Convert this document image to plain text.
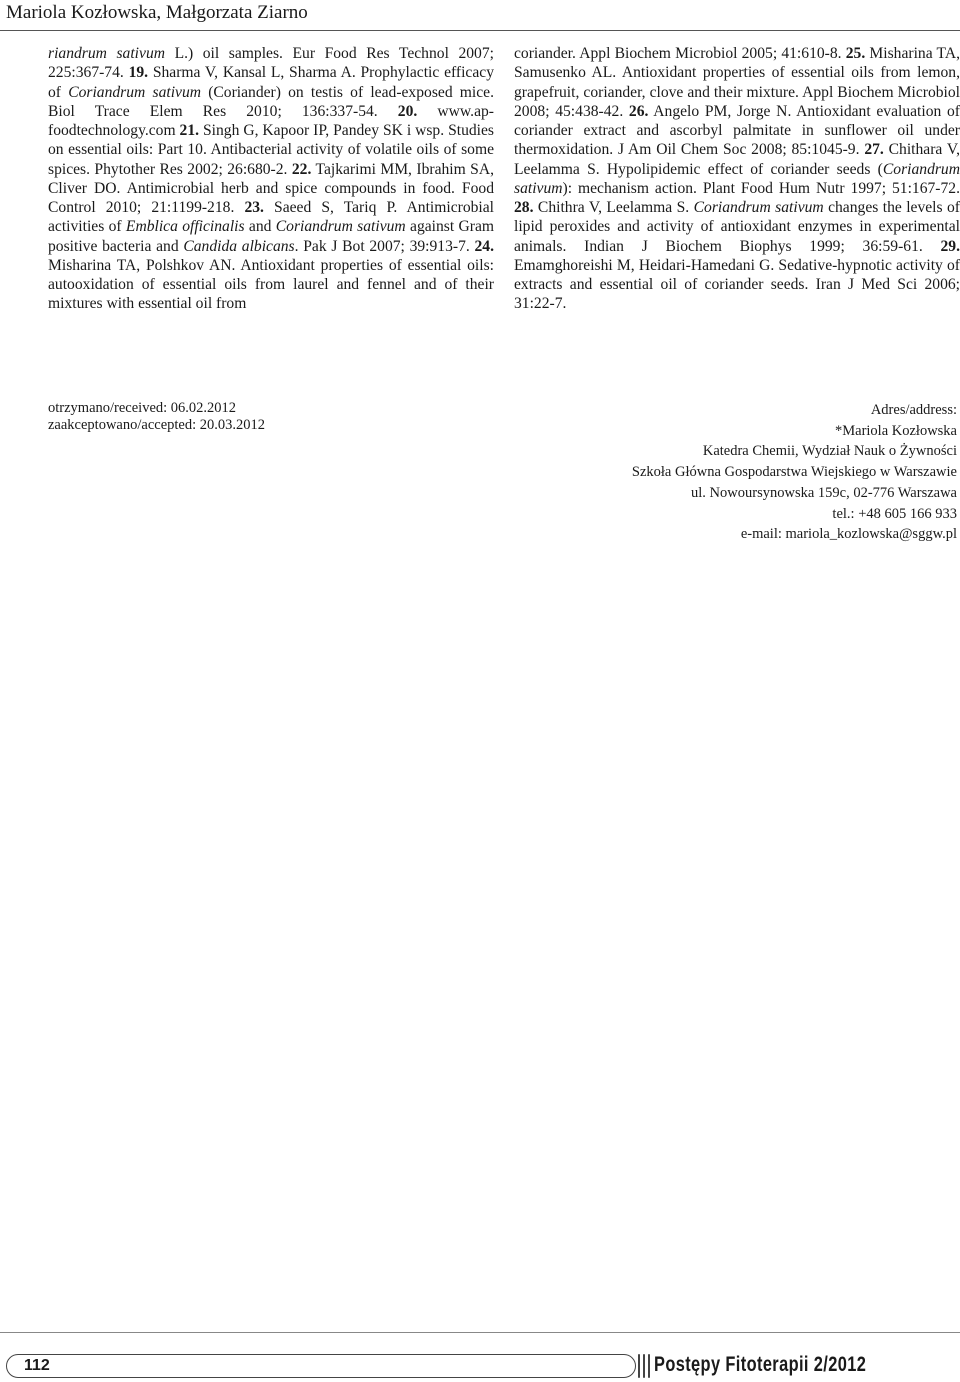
Mariola Kozłowska, Małgorzata Ziarno
riandrum sativum L.) oil samples. Eur Food Res Technol 2007; 225:367-74. 19. Sharma V, Kansal L, Sharma A. Prophylactic efficacy of Coriandrum sativum (Coriander) on testis of lead-exposed mice. Biol Trace Elem Res 2010; 136:337-54. 20. www.ap-foodtechnology.com 21. Singh G, Kapoor IP, Pandey SK i wsp. Studies on essential oils: Part 10. Antibacterial activity of volatile oils of some spices. Phytother Res 2002; 26:680-2. 22. Tajkarimi MM, Ibrahim SA, Cliver DO. Antimicrobial herb and spice compounds in food. Food Control 2010; 21:1199-218. 23. Saeed S, Tariq P. Antimicrobial activities of Emblica officinalis and Coriandrum sativum against Gram positive bacteria and Candida albicans. Pak J Bot 2007; 39:913-7. 24. Misharina TA, Polshkov AN. Antioxidant properties of essential oils: autooxidation of essential oils from laurel and fennel and of their mixtures with essential oil from
coriander. Appl Biochem Microbiol 2005; 41:610-8. 25. Misharina TA, Samusenko AL. Antioxidant properties of essential oils from lemon, grapefruit, coriander, clove and their mixture. Appl Biochem Microbiol 2008; 45:438-42. 26. Angelo PM, Jorge N. Antioxidant evaluation of coriander extract and ascorbyl palmitate in sunflower oil under thermoxidation. J Am Oil Chem Soc 2008; 85:1045-9. 27. Chithara V, Leelamma S. Hypolipidemic effect of coriander seeds (Coriandrum sativum): mechanism action. Plant Food Hum Nutr 1997; 51:167-72. 28. Chithra V, Leelamma S. Coriandrum sativum changes the levels of lipid peroxides and activity of antioxidant enzymes in experimental animals. Indian J Biochem Biophys 1999; 36:59-61. 29. Emamghoreishi M, Heidari-Hamedani G. Sedative-hypnotic activity of extracts and essential oil of coriander seeds. Iran J Med Sci 2006; 31:22-7.
otrzymano/received: 06.02.2012
zaakceptowano/accepted: 20.03.2012
Adres/address:
*Mariola Kozłowska
Katedra Chemii, Wydział Nauk o Żywności
Szkoła Główna Gospodarstwa Wiejskiego w Warszawie
ul. Nowoursynowska 159c, 02-776 Warszawa
tel.: +48 605 166 933
e-mail: mariola_kozlowska@sggw.pl
112	Postępy Fitoterapii 2/2012
